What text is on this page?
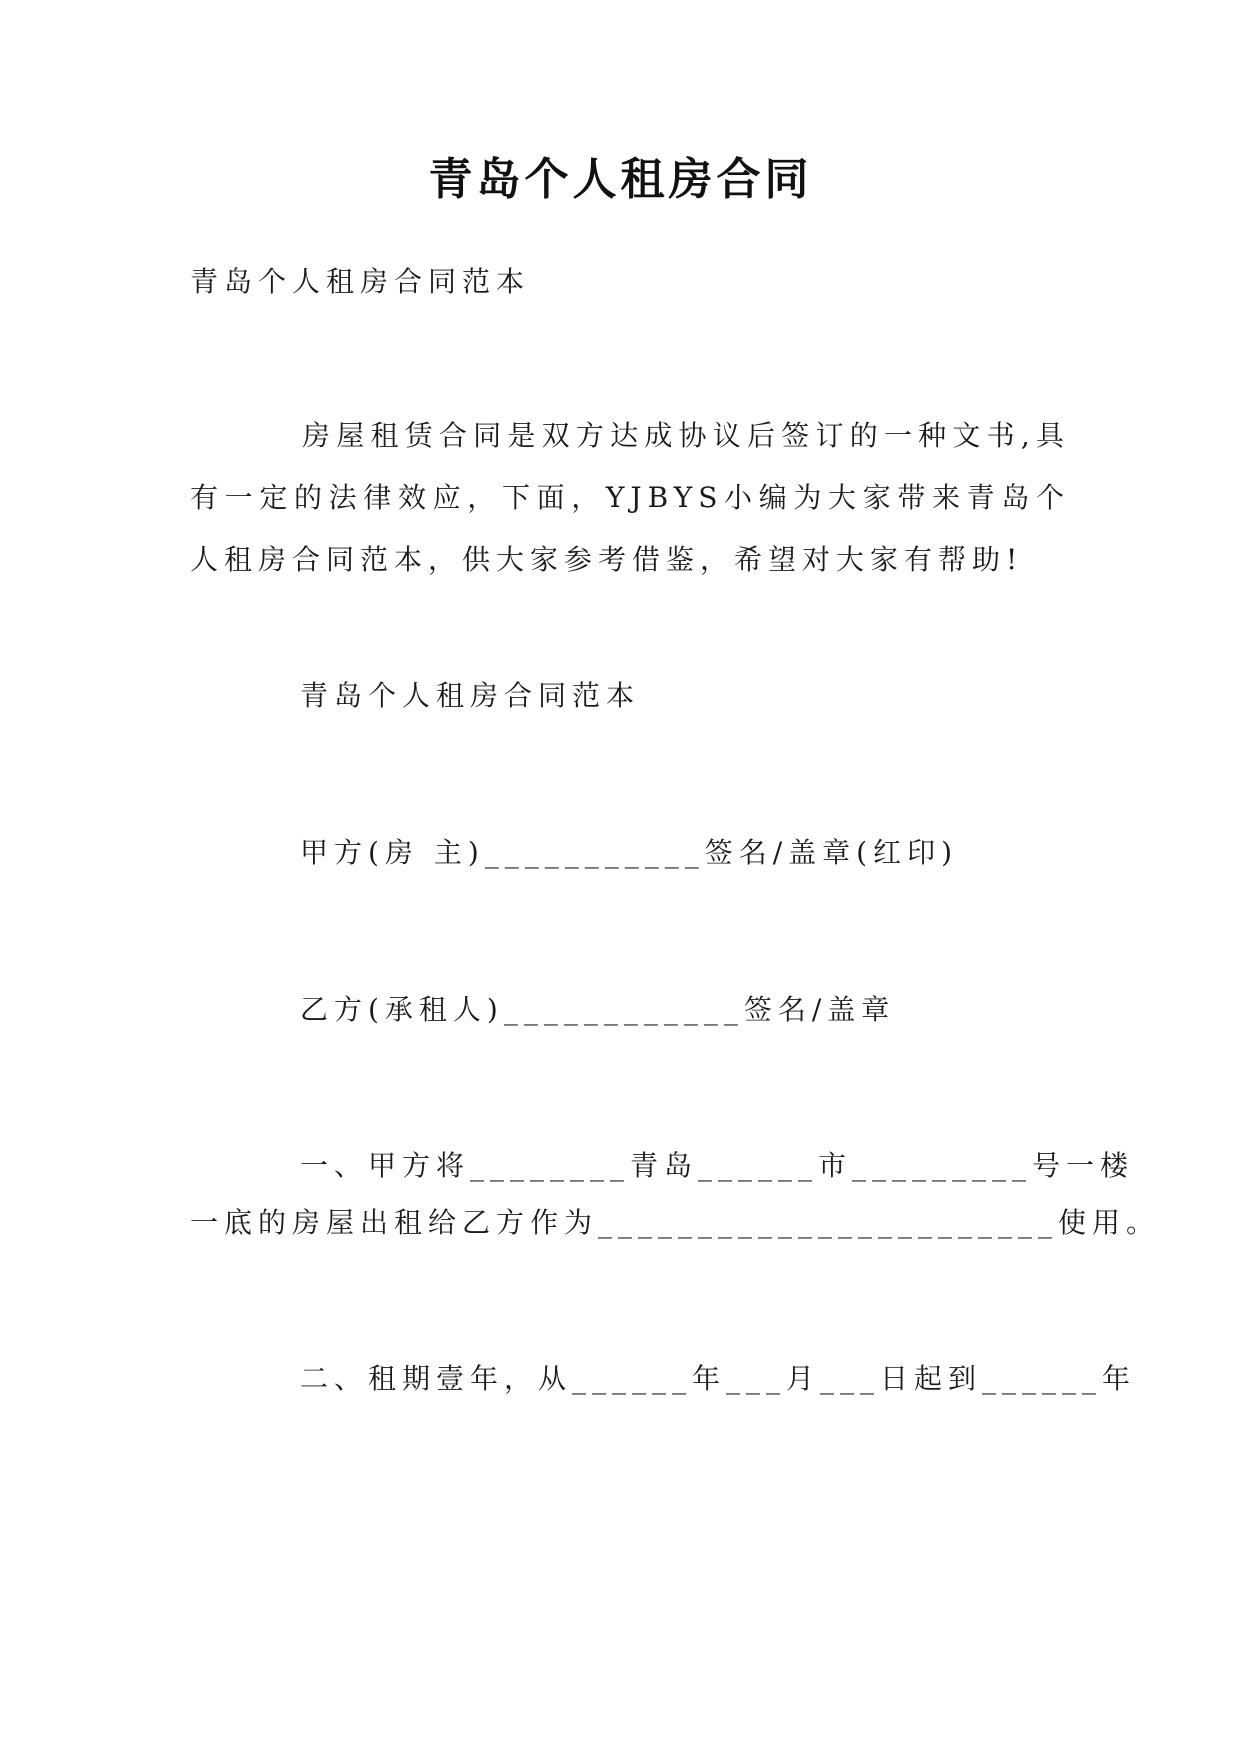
青岛个人租房合同
青岛个人租房合同范本
房屋租赁合同是双方达成协议后签订的一种文书,具有一定的法律效应，下面，YJBYS小编为大家带来青岛个人租房合同范本，供大家参考借鉴，希望对大家有帮助!
青岛个人租房合同范本
甲方(房 主)___________签名/盖章(红印)
乙方(承租人)____________签名/盖章
一、甲方将________青岛______市_________号一楼
一底的房屋出租给乙方作为_______________________使用。
二、租期壹年，从______年___月___日起到______年
